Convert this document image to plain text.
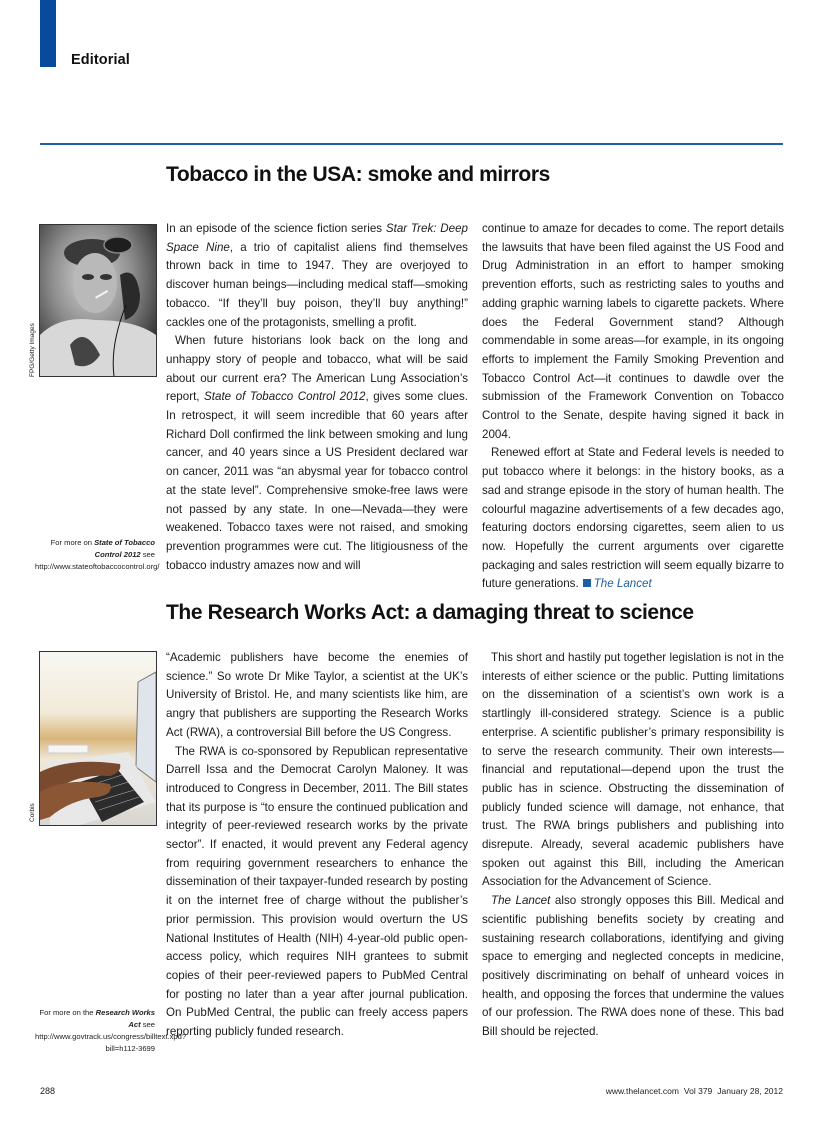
Editorial
Tobacco in the USA: smoke and mirrors
FPG/Getty Images
For more on State of Tobacco Control 2012 see http://www.stateoftobaccocontrol.org/

In an episode of the science fiction series Star Trek: Deep Space Nine, a trio of capitalist aliens find themselves thrown back in time to 1947. They are overjoyed to discover human beings—including medical staff—smoking tobacco. “If they’ll buy poison, they’ll buy anything!” cackles one of the protagonists, smelling a profit.

When future historians look back on the long and unhappy story of people and tobacco, what will be said about our current era? The American Lung Association’s report, State of Tobacco Control 2012, gives some clues. In retrospect, it will seem incredible that 60 years after Richard Doll confirmed the link between smoking and lung cancer, and 40 years since a US President declared war on cancer, 2011 was “an abysmal year for tobacco control at the state level”. Comprehensive smoke-free laws were not passed by any state. In one—Nevada—they were weakened. Tobacco taxes were not raised, and smoking prevention programmes were cut. The litigiousness of the tobacco industry amazes now and will

continue to amaze for decades to come. The report details the lawsuits that have been filed against the US Food and Drug Administration in an effort to hamper smoking prevention efforts, such as restricting sales to youths and adding graphic warning labels to cigarette packets. Where does the Federal Government stand? Although commendable in some areas—for example, in its ongoing efforts to implement the Family Smoking Prevention and Tobacco Control Act—it continues to dawdle over the submission of the Framework Convention on Tobacco Control to the Senate, despite having signed it back in 2004.

Renewed effort at State and Federal levels is needed to put tobacco where it belongs: in the history books, as a sad and strange episode in the story of human health. The colourful magazine advertisements of a few decades ago, featuring doctors endorsing cigarettes, seem alien to us now. Hopefully the current arguments over cigarette packaging and sales restriction will seem equally bizarre to future generations. The Lancet

The Research Works Act: a damaging threat to science
Corbis
For more on the Research Works Act see http://www.govtrack.us/congress/billtext.xpd?bill=h112-3699

“Academic publishers have become the enemies of science.” So wrote Dr Mike Taylor, a scientist at the UK’s University of Bristol. He, and many scientists like him, are angry that publishers are supporting the Research Works Act (RWA), a controversial Bill before the US Congress.

The RWA is co-sponsored by Republican representative Darrell Issa and the Democrat Carolyn Maloney. It was introduced to Congress in December, 2011. The Bill states that its purpose is “to ensure the continued publication and integrity of peer-reviewed research works by the private sector”. If enacted, it would prevent any Federal agency from requiring government researchers to enhance the dissemination of their taxpayer-funded research by posting it on the internet free of charge without the publisher’s prior permission. This provision would overturn the US National Institutes of Health (NIH) 4-year-old public open-access policy, which requires NIH grantees to submit copies of their peer-reviewed papers to PubMed Central for posting no later than a year after journal publication. On PubMed Central, the public can freely access papers reporting publicly funded research.

This short and hastily put together legislation is not in the interests of either science or the public. Putting limitations on the dissemination of a scientist’s own work is a startlingly ill-considered strategy. Science is a public enterprise. A scientific publisher’s primary responsibility is to serve the research community. Their own interests—financial and reputational—depend upon the trust the public has in science. Obstructing the dissemination of publicly funded science will damage, not enhance, that trust. The RWA brings publishers and publishing into disrepute. Already, several academic publishers have spoken out against this Bill, including the American Association for the Advancement of Science.

The Lancet also strongly opposes this Bill. Medical and scientific publishing benefits society by creating and sustaining research collaborations, identifying and giving space to emerging and neglected concepts in medicine, positively discriminating on behalf of unheard voices in health, and opposing the forces that undermine the values of our profession. The RWA does none of these. This bad Bill should be rejected.

288	www.thelancet.com Vol 379 January 28, 2012
